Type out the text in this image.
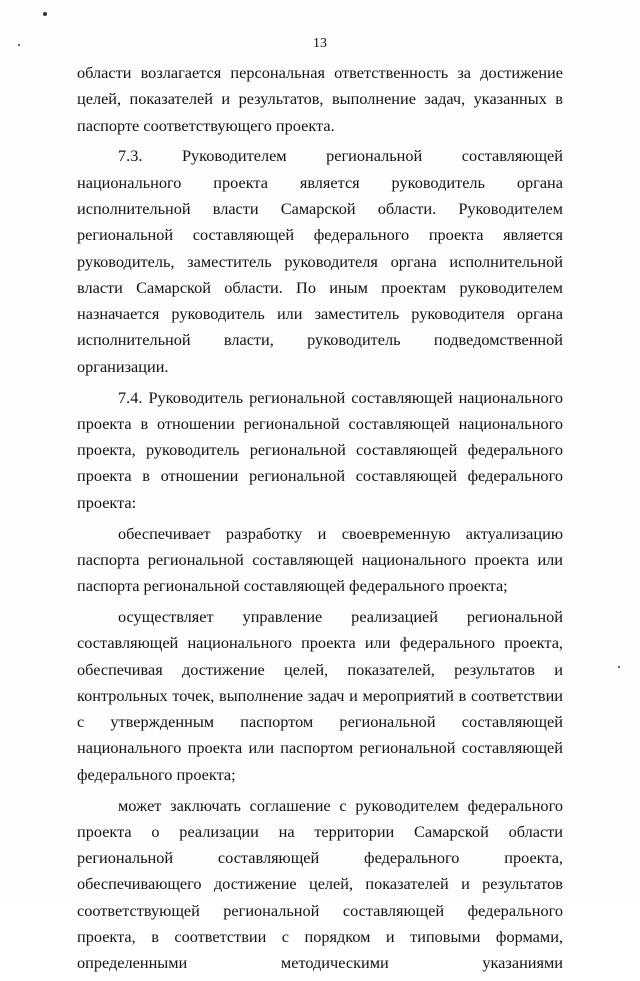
13

области возлагается персональная ответственность за достижение целей, показателей и результатов, выполнение задач, указанных в паспорте соответствующего проекта.

7.3. Руководителем региональной составляющей национального проекта является руководитель органа исполнительной власти Самарской области. Руководителем региональной составляющей федерального проекта является руководитель, заместитель руководителя органа исполнительной власти Самарской области. По иным проектам руководителем назначается руководитель или заместитель руководителя органа исполнительной власти, руководитель подведомственной организации.

7.4. Руководитель региональной составляющей национального проекта в отношении региональной составляющей национального проекта, руководитель региональной составляющей федерального проекта в отношении региональной составляющей федерального проекта:

обеспечивает разработку и своевременную актуализацию паспорта региональной составляющей национального проекта или паспорта региональной составляющей федерального проекта;

осуществляет управление реализацией региональной составляющей национального проекта или федерального проекта, обеспечивая достижение целей, показателей, результатов и контрольных точек, выполнение задач и мероприятий в соответствии с утвержденным паспортом региональной составляющей национального проекта или паспортом региональной составляющей федерального проекта;

может заключать соглашение с руководителем федерального проекта о реализации на территории Самарской области региональной составляющей федерального проекта, обеспечивающего достижение целей, показателей и результатов соответствующей региональной составляющей федерального проекта, в соответствии с порядком и типовыми формами, определенными методическими указаниями
